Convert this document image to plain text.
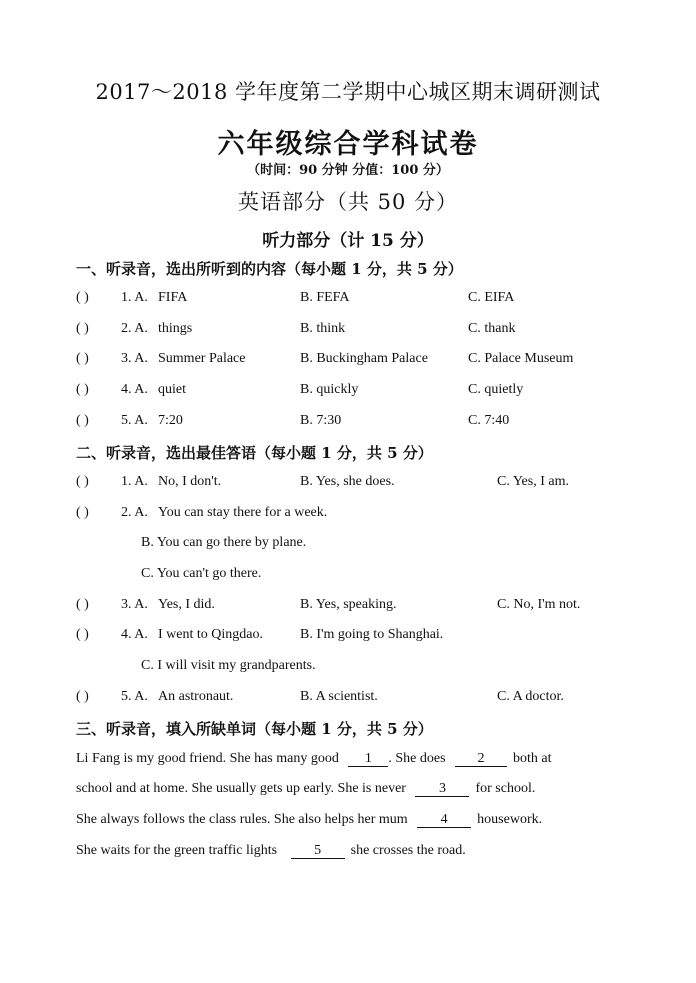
2017～2018 学年度第二学期中心城区期末调研测试
六年级综合学科试卷
（时间：90 分钟 分值：100 分）
英语部分（共 50 分）
听力部分（计 15 分）
一、听录音，选出所听到的内容（每小题 1 分，共 5 分）
( ) 1. A. FIFA	B. FEFA	C. EIFA
( ) 2. A. things	B. think	C. thank
( ) 3. A. Summer Palace	B. Buckingham Palace	C. Palace Museum
( ) 4. A. quiet	B. quickly	C. quietly
( ) 5. A. 7:20	B. 7:30	C. 7:40
二、听录音，选出最佳答语（每小题 1 分，共 5 分）
( ) 1. A. No, I don't.	B. Yes, she does.	C. Yes, I am.
( ) 2. A. You can stay there for a week.
B. You can go there by plane.
C. You can't go there.
( ) 3. A. Yes, I did.	B. Yes, speaking.	C. No, I'm not.
( ) 4. A. I went to Qingdao.	B. I'm going to Shanghai.
C. I will visit my grandparents.
( ) 5. A. An astronaut.	B. A scientist.	C. A doctor.
三、听录音，填入所缺单词（每小题 1 分，共 5 分）
Li Fang is my good friend. She has many good 1 . She does 2 both at
school and at home. She usually gets up early. She is never 3 for school.
She always follows the class rules. She also helps her mum 4 housework.
She waits for the green traffic lights	5 she crosses the road.
